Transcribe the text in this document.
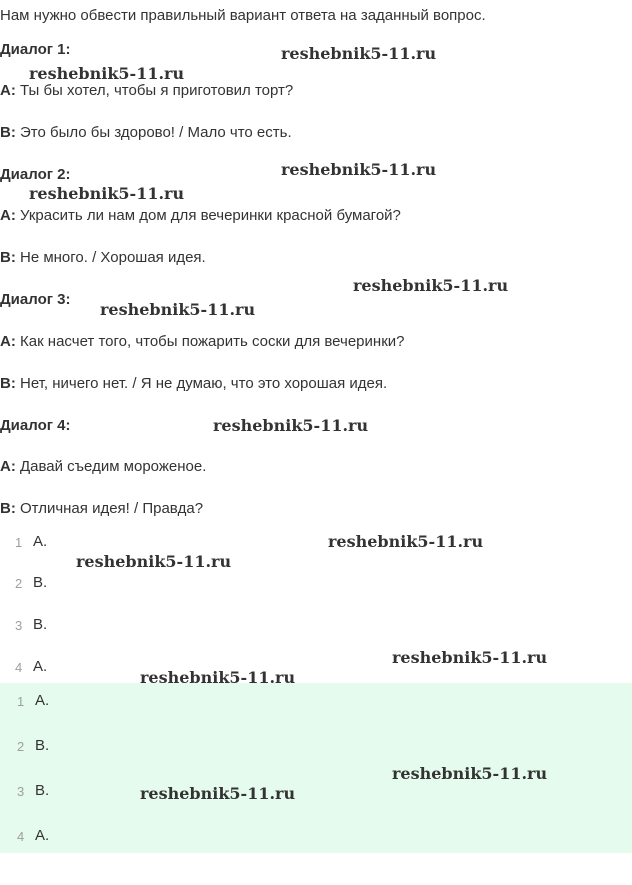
Нам нужно обвести правильный вариант ответа на заданный вопрос.
Диалог 1:
A: Ты бы хотел, чтобы я приготовил торт?
B: Это было бы здорово! / Мало что есть.
Диалог 2:
A: Украсить ли нам дом для вечеринки красной бумагой?
B: Не много. / Хорошая идея.
Диалог 3:
A: Как насчет того, чтобы пожарить соски для вечеринки?
B: Нет, ничего нет. / Я не думаю, что это хорошая идея.
Диалог 4:
A: Давай съедим мороженое.
B: Отличная идея! / Правда?
1 A.
2 B.
3 B.
4 A.
1 A.
2 B.
3 B.
4 A.
reshebnik5-11.ru
reshebnik5-11.ru
reshebnik5-11.ru
reshebnik5-11.ru
reshebnik5-11.ru
reshebnik5-11.ru
reshebnik5-11.ru
reshebnik5-11.ru
reshebnik5-11.ru
reshebnik5-11.ru
reshebnik5-11.ru
reshebnik5-11.ru
reshebnik5-11.ru
